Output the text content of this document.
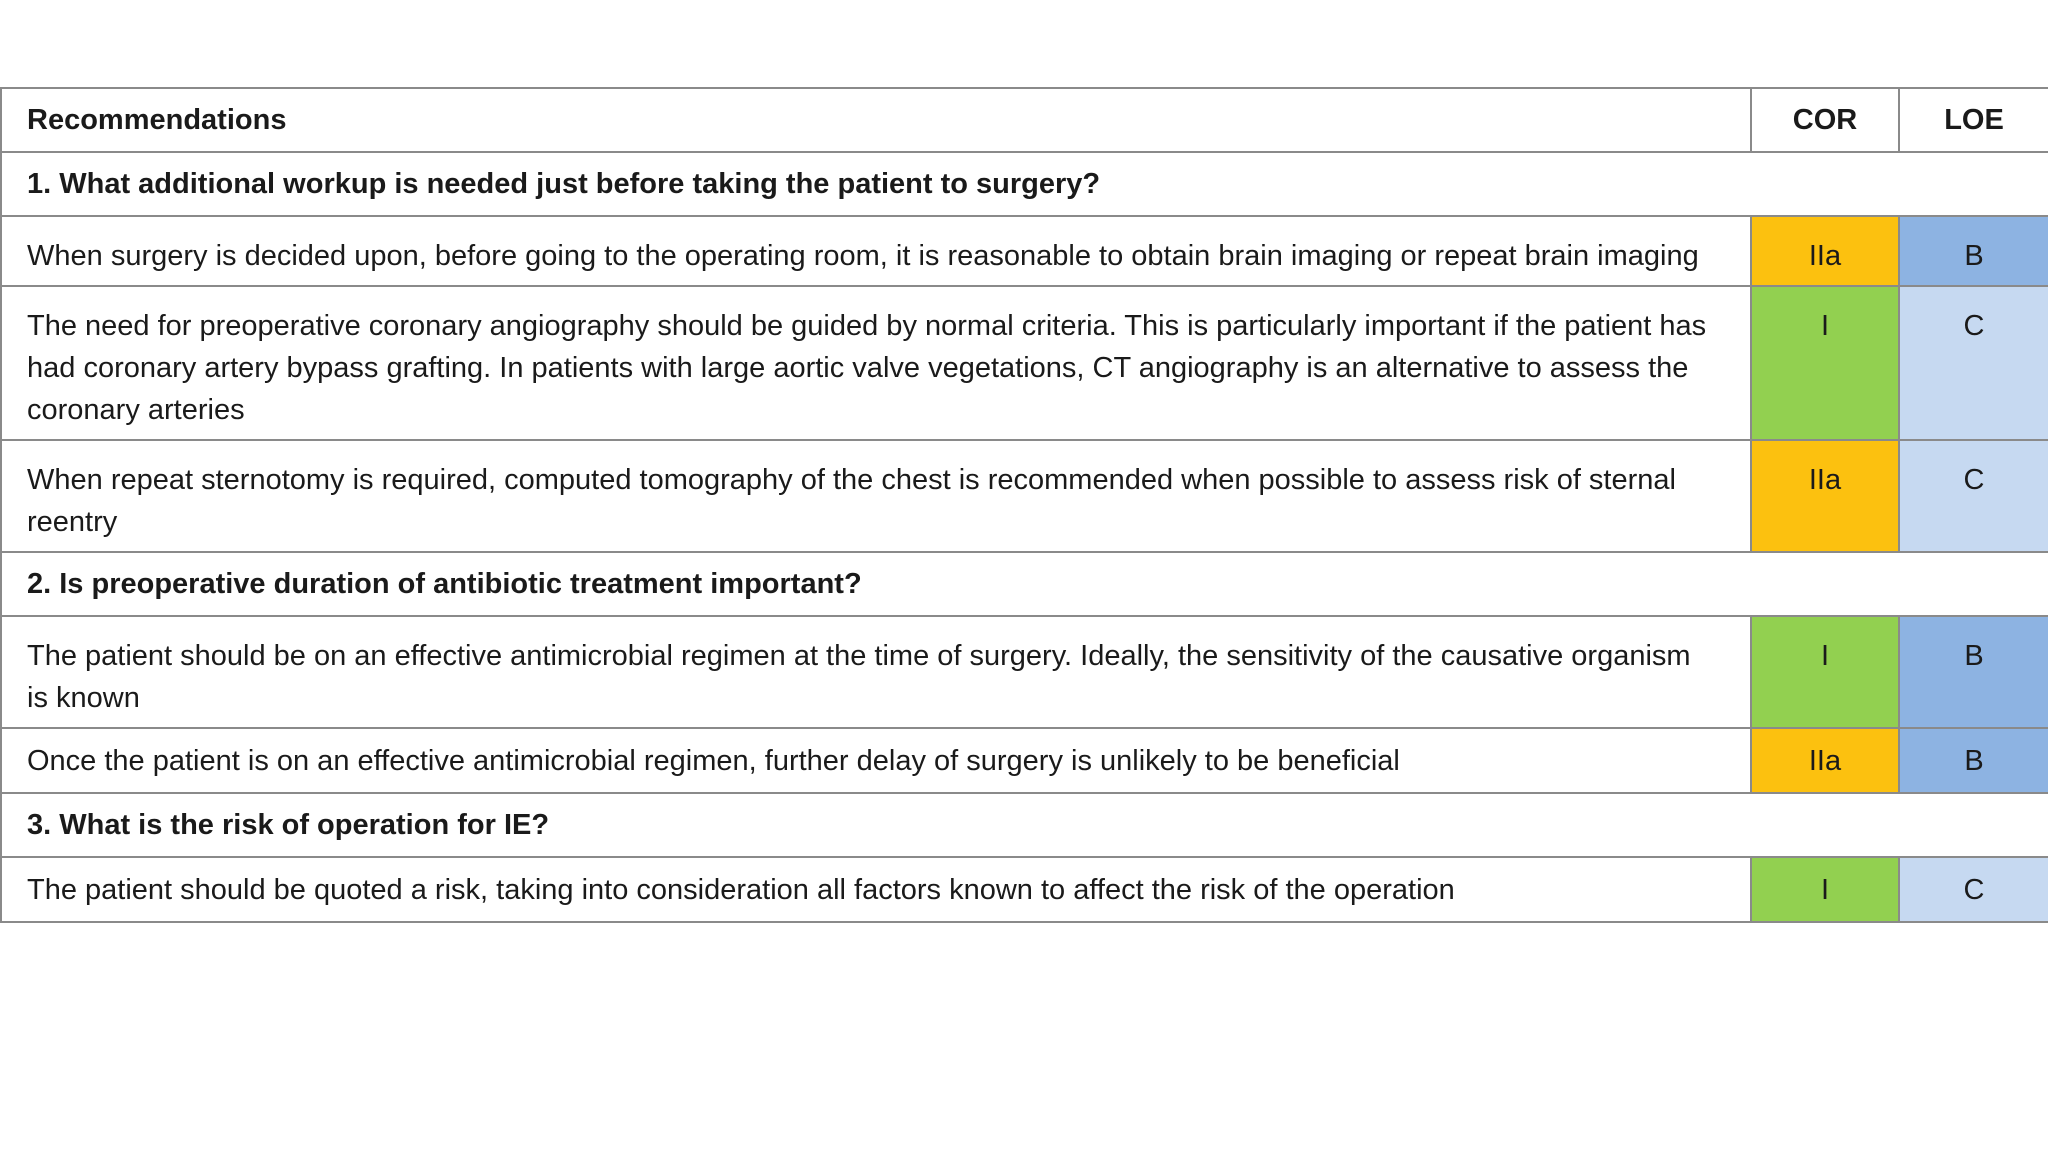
Recommendations	COR	LOE
1. What additional workup is needed just before taking the patient to surgery?		
When surgery is decided upon, before going to the operating room, it is reasonable to obtain brain imaging or repeat brain imaging	IIa	B
The need for preoperative coronary angiography should be guided by normal criteria. This is particularly important if the patient has had coronary artery bypass grafting. In patients with large aortic valve vegetations, CT angiography is an alternative to assess the coronary arteries	I	C
When repeat sternotomy is required, computed tomography of the chest is recommended when possible to assess risk of sternal reentry	IIa	C
2. Is preoperative duration of antibiotic treatment important?		
The patient should be on an effective antimicrobial regimen at the time of surgery. Ideally, the sensitivity of the causative organism is known	I	B
Once the patient is on an effective antimicrobial regimen, further delay of surgery is unlikely to be beneficial	IIa	B
3. What is the risk of operation for IE?		
The patient should be quoted a risk, taking into consideration all factors known to affect the risk of the operation	I	C
